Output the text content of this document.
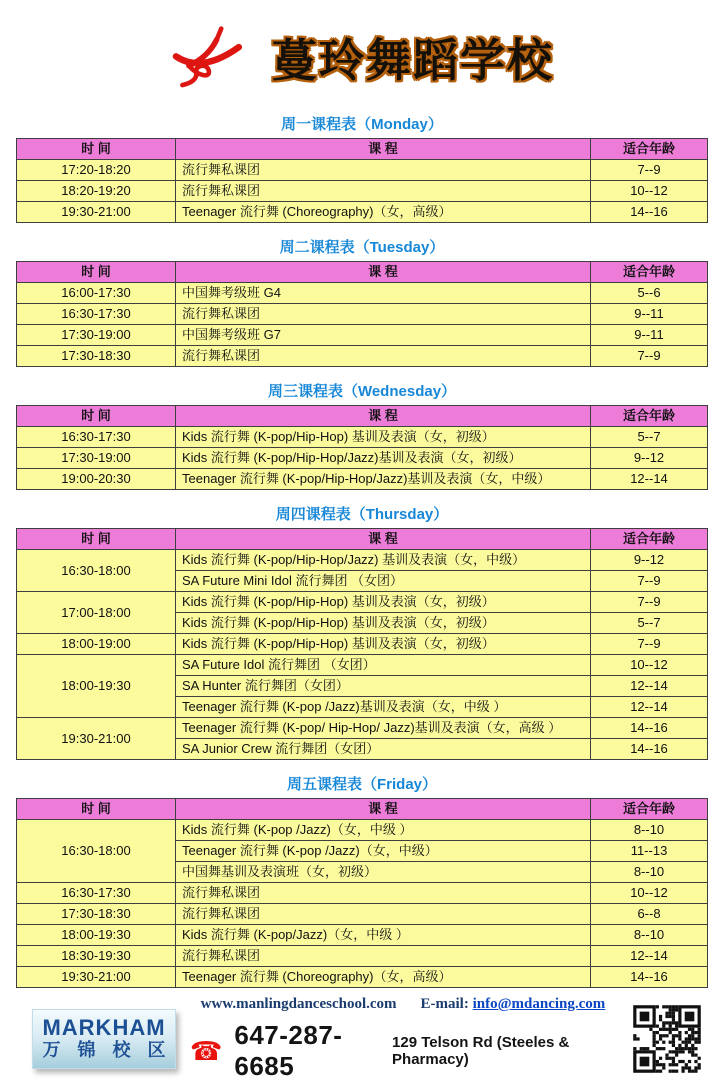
蔓玲舞蹈学校
周一课程表（Monday）
时 间	课 程	适合年龄
17:20-18:20	流行舞私课团	7--9
18:20-19:20	流行舞私课团	10--12
19:30-21:00	Teenager 流行舞 (Choreography)（女，高级）	14--16
周二课程表（Tuesday）
时 间	课 程	适合年龄
16:00-17:30	中国舞考级班 G4	5--6
16:30-17:30	流行舞私课团	9--11
17:30-19:00	中国舞考级班 G7	9--11
17:30-18:30	流行舞私课团	7--9
周三课程表（Wednesday）
时 间	课 程	适合年龄
16:30-17:30	Kids 流行舞 (K-pop/Hip-Hop) 基训及表演（女，初级）	5--7
17:30-19:00	Kids 流行舞 (K-pop/Hip-Hop/Jazz)基训及表演（女，初级）	9--12
19:00-20:30	Teenager 流行舞 (K-pop/Hip-Hop/Jazz)基训及表演（女，中级）	12--14
周四课程表（Thursday）
时 间	课 程	适合年龄
16:30-18:00	Kids 流行舞 (K-pop/Hip-Hop/Jazz) 基训及表演（女，中级）	9--12
	SA Future Mini Idol 流行舞团 （女团）	7--9
17:00-18:00	Kids 流行舞 (K-pop/Hip-Hop) 基训及表演（女，初级）	7--9
	Kids 流行舞 (K-pop/Hip-Hop) 基训及表演（女，初级）	5--7
18:00-19:00	Kids 流行舞 (K-pop/Hip-Hop) 基训及表演（女，初级）	7--9
18:00-19:30	SA Future Idol 流行舞团 （女团）	10--12
	SA Hunter 流行舞团（女团）	12--14
	Teenager 流行舞 (K-pop /Jazz)基训及表演（女，中级 ）	12--14
19:30-21:00	Teenager 流行舞 (K-pop/ Hip-Hop/ Jazz)基训及表演（女，高级 ）	14--16
	SA Junior Crew 流行舞团（女团）	14--16
周五课程表（Friday）
时 间	课 程	适合年龄
16:30-18:00	Kids 流行舞 (K-pop /Jazz)（女，中级 ）	8--10
	Teenager 流行舞 (K-pop /Jazz)（女，中级）	11--13
	中国舞基训及表演班（女，初级）	8--10
16:30-17:30	流行舞私课团	10--12
17:30-18:30	流行舞私课团	6--8
18:00-19:30	Kids 流行舞 (K-pop/Jazz)（女，中级 ）	8--10
18:30-19:30	流行舞私课团	12--14
19:30-21:00	Teenager 流行舞 (Choreography)（女，高级）	14--16
MARKHAM
万 锦 校 区
www.manlingdanceschool.com E-mail: info@mdancing.com
☎
647-287-6685
129 Telson Rd (Steeles & Pharmacy)
